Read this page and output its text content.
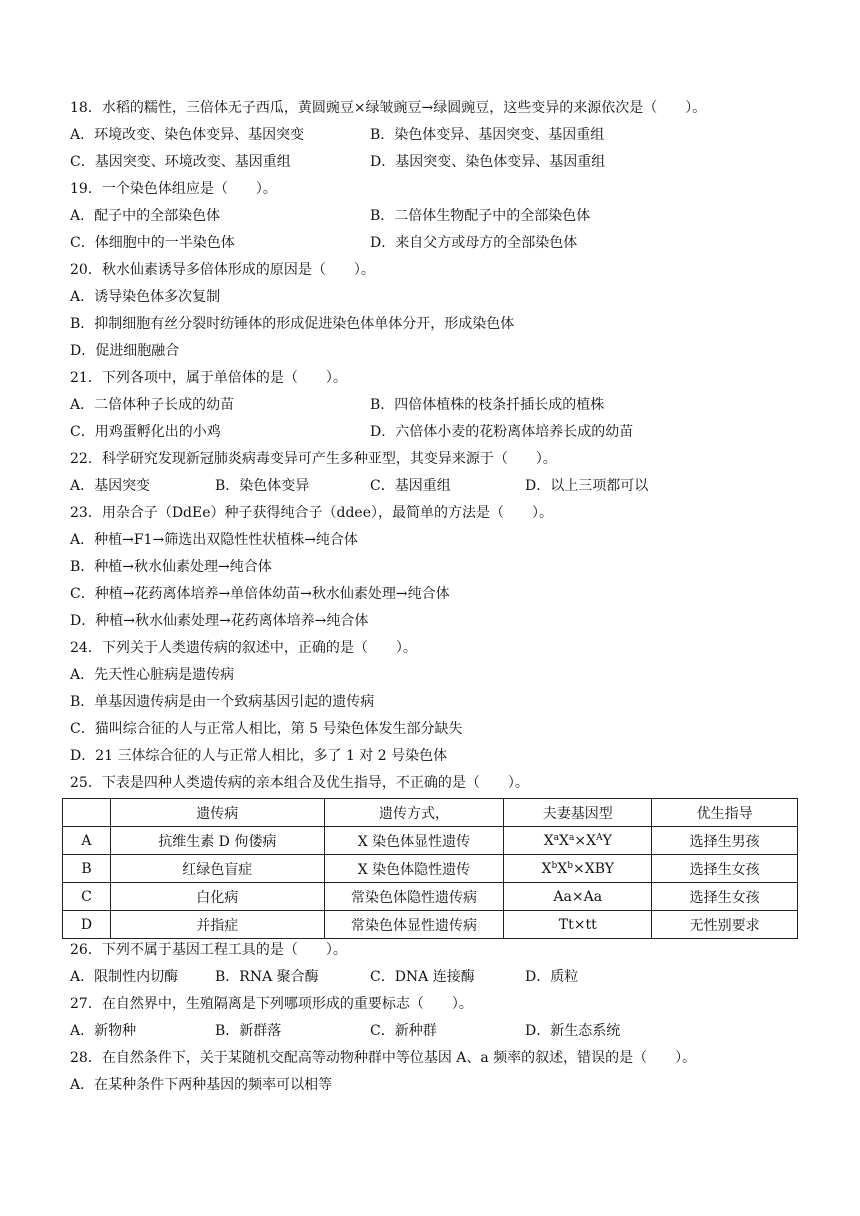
18．水稻的糯性，三倍体无子西瓜，黄圆豌豆×绿皱豌豆→绿圆豌豆，这些变异的来源依次是（　　）。
A．环境改变、染色体变异、基因突变	B．染色体变异、基因突变、基因重组
C．基因突变、环境改变、基因重组	D．基因突变、染色体变异、基因重组
19．一个染色体组应是（　　）。
A．配子中的全部染色体	B．二倍体生物配子中的全部染色体
C．体细胞中的一半染色体	D．来自父方或母方的全部染色体
20．秋水仙素诱导多倍体形成的原因是（　　）。
A．诱导染色体多次复制
B．抑制细胞有丝分裂时纺锤体的形成促进染色体单体分开，形成染色体
D．促进细胞融合
21．下列各项中，属于单倍体的是（　　）。
A．二倍体种子长成的幼苗	B．四倍体植株的枝条扦插长成的植株
C．用鸡蛋孵化出的小鸡	D．六倍体小麦的花粉离体培养长成的幼苗
22．科学研究发现新冠肺炎病毒变异可产生多种亚型，其变异来源于（　　）。
A．基因突变	B．染色体变异	C．基因重组	D．以上三项都可以
23．用杂合子（DdEe）种子获得纯合子（ddee），最简单的方法是（　　）。
A．种植→F1→筛选出双隐性性状植株→纯合体
B．种植→秋水仙素处理→纯合体
C．种植→花药离体培养→单倍体幼苗→秋水仙素处理→纯合体
D．种植→秋水仙素处理→花药离体培养→纯合体
24．下列关于人类遗传病的叙述中，正确的是（　　）。
A．先天性心脏病是遗传病
B．单基因遗传病是由一个致病基因引起的遗传病
C．猫叫综合征的人与正常人相比，第 5 号染色体发生部分缺失
D．21 三体综合征的人与正常人相比，多了 1 对 2 号染色体
25．下表是四种人类遗传病的亲本组合及优生指导，不正确的是（　　）。
	遗传病	遗传方式，	夫妻基因型	优生指导
A	抗维生素 D 佝偻病	X 染色体显性遗传	$X^aX^a\times X^AY$	选择生男孩
B	红绿色盲症	X 染色体隐性遗传	$X^bX^b\times XBY$	选择生女孩
C	白化病	常染色体隐性遗传病	Aa×Aa	选择生女孩
D	并指症	常染色体显性遗传病	Tt×tt	无性别要求
26．下列不属于基因工程工具的是（　　）。
A．限制性内切酶	B．RNA 聚合酶	C．DNA 连接酶	D．质粒
27．在自然界中，生殖隔离是下列哪项形成的重要标志（　　）。
A．新物种	B．新群落	C．新种群	D．新生态系统
28．在自然条件下，关于某随机交配高等动物种群中等位基因 A、a 频率的叙述，错误的是（　　）。
A．在某种条件下两种基因的频率可以相等
